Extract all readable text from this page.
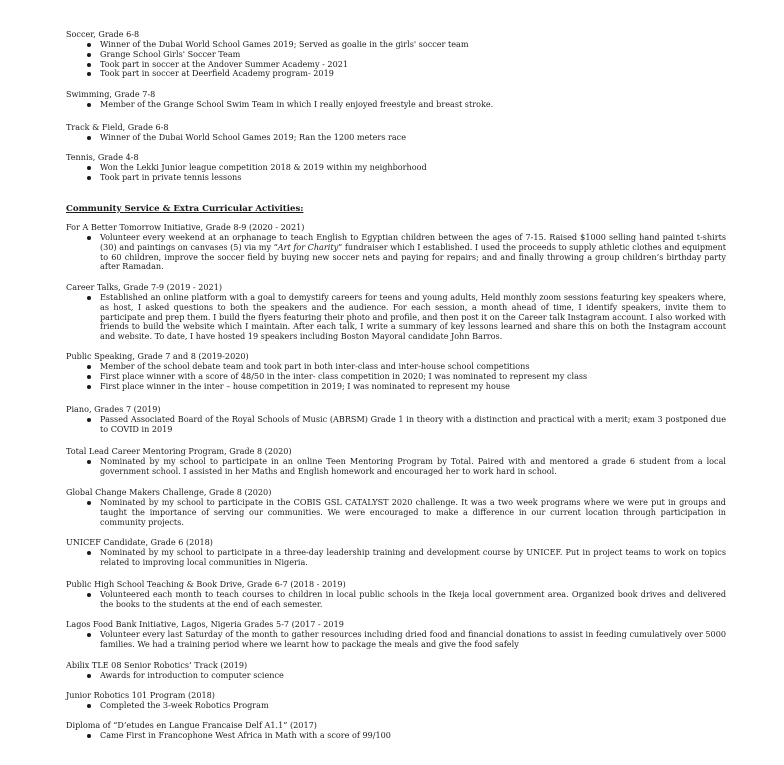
Soccer, Grade 6-8

Winner of the Dubai World School Games 2019; Served as goalie in the girls' soccer team
Grange School Girls' Soccer Team
Took part in soccer at the Andover Summer Academy - 2021
Took part in soccer at Deerfield Academy program- 2019

Swimming, Grade 7-8

Member of the Grange School Swim Team in which I really enjoyed freestyle and breast stroke.

Track & Field, Grade 6-8

Winner of the Dubai World School Games 2019; Ran the 1200 meters race

Tennis, Grade 4-8

Won the Lekki Junior league competition 2018 & 2019 within my neighborhood
Took part in private tennis lessons
Community Service & Extra Curricular Activities:

For A Better Tomorrow Initiative, Grade 8-9 (2020 - 2021)

Volunteer every weekend at an orphanage to teach English to Egyptian children between the ages of 7-15. Raised $1000 selling hand painted t-shirts (30) and paintings on canvases (5) via my “Art for Charity” fundraiser which I established. I used the proceeds to supply athletic clothes and equipment to 60 children, improve the soccer field by buying new soccer nets and paying for repairs; and and finally throwing a group children’s birthday party after Ramadan.

Career Talks, Grade 7-9 (2019 - 2021)

Established an online platform with a goal to demystify careers for teens and young adults, Held monthly zoom sessions featuring key speakers where, as host, I asked questions to both the speakers and the audience. For each session, a month ahead of time, I identify speakers, invite them to participate and prep them. I build the flyers featuring their photo and profile, and then post it on the Career talk Instagram account. I also worked with friends to build the website which I maintain. After each talk, I write a summary of key lessons learned and share this on both the Instagram account and website. To date, I have hosted 19 speakers including Boston Mayoral candidate John Barros.

Public Speaking, Grade 7 and 8 (2019-2020)

Member of the school debate team and took part in both inter-class and inter-house school competitions
First place winner with a score of 48/50 in the inter- class competition in 2020; I was nominated to represent my class
First place winner in the inter – house competition in 2019; I was nominated to represent my house

Piano, Grades 7 (2019)

Passed Associated Board of the Royal Schools of Music (ABRSM) Grade 1 in theory with a distinction and practical with a merit; exam 3 postponed due to COVID in 2019

Total Lead Career Mentoring Program, Grade 8 (2020)

Nominated by my school to participate in an online Teen Mentoring Program by Total. Paired with and mentored a grade 6 student from a local government school. I assisted in her Maths and English homework and encouraged her to work hard in school.

Global Change Makers Challenge, Grade 8 (2020)

Nominated by my school to participate in the COBIS GSL CATALYST 2020 challenge. It was a two week programs where we were put in groups and taught the importance of serving our communities. We were encouraged to make a difference in our current location through participation in community projects.

UNICEF Candidate, Grade 6 (2018)

Nominated by my school to participate in a three-day leadership training and development course by UNICEF. Put in project teams to work on topics related to improving local communities in Nigeria.

Public High School Teaching & Book Drive, Grade 6-7 (2018 - 2019)

Volunteered each month to teach courses to children in local public schools in the Ikeja local government area. Organized book drives and delivered the books to the students at the end of each semester.

Lagos Food Bank Initiative, Lagos, Nigeria Grades 5-7 (2017 - 2019

Volunteer every last Saturday of the month to gather resources including dried food and financial donations to assist in feeding cumulatively over 5000 families. We had a training period where we learnt how to package the meals and give the food safely

Abilix TLE 08 Senior Robotics’ Track (2019)

Awards for introduction to computer science

Junior Robotics 101 Program (2018)

Completed the 3-week Robotics Program

Diploma of “D’etudes en Langue Francaise Delf A1.1” (2017)

Came First in Francophone West Africa in Math with a score of 99/100
